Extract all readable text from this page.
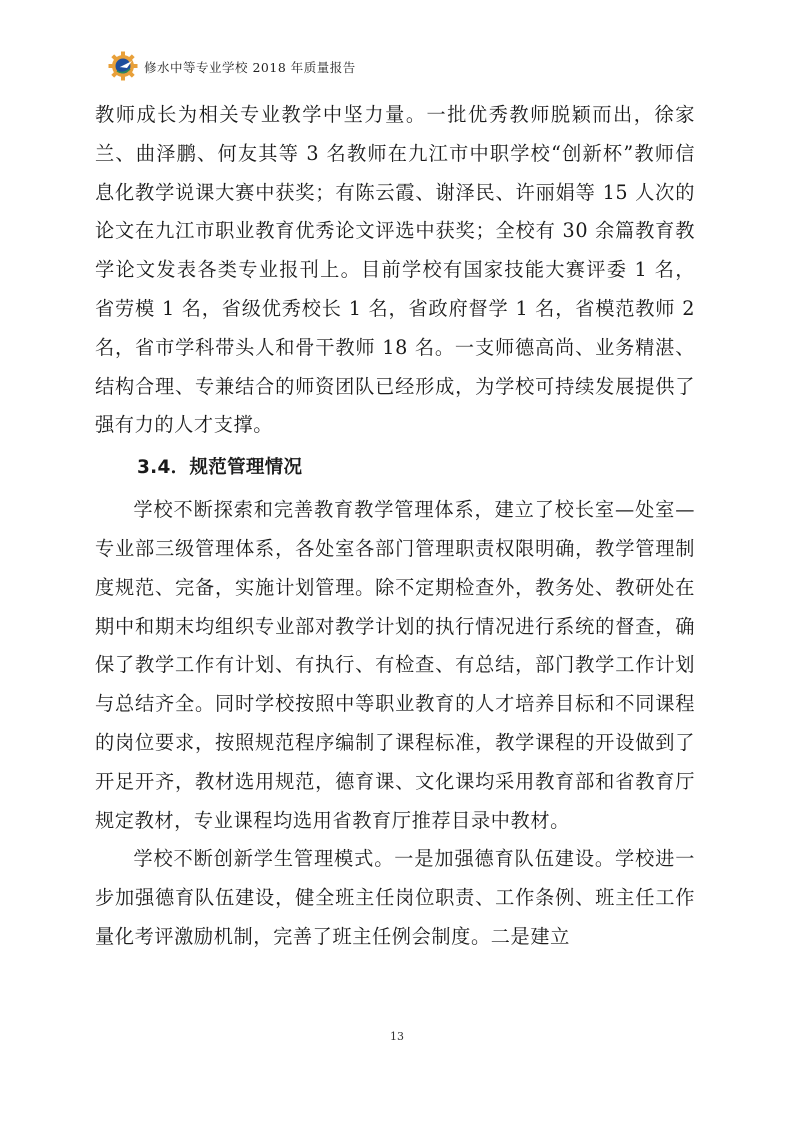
修水中等专业学校 2018 年质量报告

教师成长为相关专业教学中坚力量。一批优秀教师脱颖而出，徐家兰、曲泽鹏、何友其等 3 名教师在九江市中职学校“创新杯”教师信息化教学说课大赛中获奖；有陈云霞、谢泽民、许丽娟等 15 人次的论文在九江市职业教育优秀论文评选中获奖；全校有 30 余篇教育教学论文发表各类专业报刊上。目前学校有国家技能大赛评委 1 名，省劳模 1 名，省级优秀校长 1 名，省政府督学 1 名，省模范教师 2 名，省市学科带头人和骨干教师 18 名。一支师德高尚、业务精湛、结构合理、专兼结合的师资团队已经形成，为学校可持续发展提供了强有力的人才支撑。

3.4．规范管理情况

学校不断探索和完善教育教学管理体系，建立了校长室—处室—专业部三级管理体系，各处室各部门管理职责权限明确，教学管理制度规范、完备，实施计划管理。除不定期检查外，教务处、教研处在期中和期末均组织专业部对教学计划的执行情况进行系统的督查，确保了教学工作有计划、有执行、有检查、有总结，部门教学工作计划与总结齐全。同时学校按照中等职业教育的人才培养目标和不同课程的岗位要求，按照规范程序编制了课程标准，教学课程的开设做到了开足开齐，教材选用规范，德育课、文化课均采用教育部和省教育厅规定教材，专业课程均选用省教育厅推荐目录中教材。

学校不断创新学生管理模式。一是加强德育队伍建设。学校进一步加强德育队伍建设，健全班主任岗位职责、工作条例、班主任工作量化考评激励机制，完善了班主任例会制度。二是建立

13
